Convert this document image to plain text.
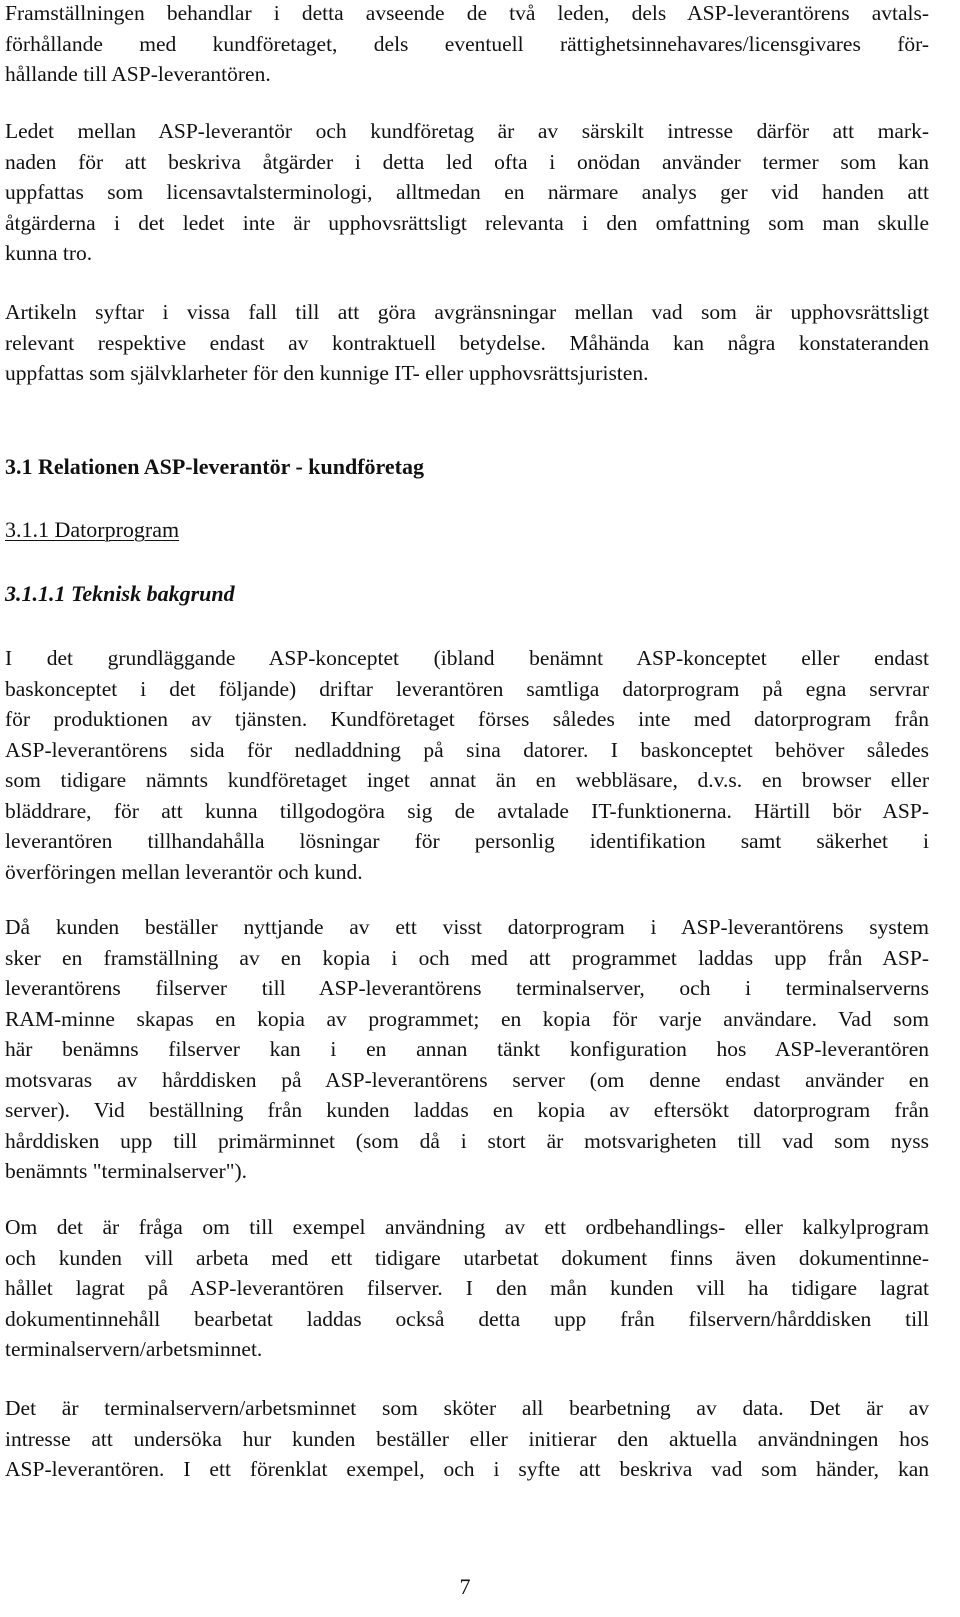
Framställningen behandlar i detta avseende de två leden, dels ASP-leverantörens avtals-
förhållande med kundföretaget, dels eventuell rättighetsinnehavares/licensgivares för-
hållande till ASP-leverantören.

Ledet mellan ASP-leverantör och kundföretag är av särskilt intresse därför att mark-
naden för att beskriva åtgärder i detta led ofta i onödan använder termer som kan
uppfattas som licensavtalsterminologi, alltmedan en närmare analys ger vid handen att
åtgärderna i det ledet inte är upphovsrättsligt relevanta i den omfattning som man skulle
kunna tro.

Artikeln syftar i vissa fall till att göra avgränsningar mellan vad som är upphovsrättsligt
relevant respektive endast av kontraktuell betydelse. Måhända kan några konstateranden
uppfattas som självklarheter för den kunnige IT- eller upphovsrättsjuristen.

3.1 Relationen ASP-leverantör - kundföretag
3.1.1 Datorprogram
3.1.1.1 Teknisk bakgrund

I det grundläggande ASP-konceptet (ibland benämnt ASP-konceptet eller endast
baskonceptet i det följande) driftar leverantören samtliga datorprogram på egna servrar
för produktionen av tjänsten. Kundföretaget förses således inte med datorprogram från
ASP-leverantörens sida för nedladdning på sina datorer. I baskonceptet behöver således
som tidigare nämnts kundföretaget inget annat än en webbläsare, d.v.s. en browser eller
bläddrare, för att kunna tillgodogöra sig de avtalade IT-funktionerna. Härtill bör ASP-
leverantören tillhandahålla lösningar för personlig identifikation samt säkerhet i
överföringen mellan leverantör och kund.

Då kunden beställer nyttjande av ett visst datorprogram i ASP-leverantörens system
sker en framställning av en kopia i och med att programmet laddas upp från ASP-
leverantörens filserver till ASP-leverantörens terminalserver, och i terminalserverns
RAM-minne skapas en kopia av programmet; en kopia för varje användare. Vad som
här benämns filserver kan i en annan tänkt konfiguration hos ASP-leverantören
motsvaras av hårddisken på ASP-leverantörens server (om denne endast använder en
server). Vid beställning från kunden laddas en kopia av eftersökt datorprogram från
hårddisken upp till primärminnet (som då i stort är motsvarigheten till vad som nyss
benämnts "terminalserver").

Om det är fråga om till exempel användning av ett ordbehandlings- eller kalkylprogram
och kunden vill arbeta med ett tidigare utarbetat dokument finns även dokumentinne-
hållet lagrat på ASP-leverantören filserver. I den mån kunden vill ha tidigare lagrat
dokumentinnehåll bearbetat laddas också detta upp från filservern/hårddisken till
terminalservern/arbetsminnet.

Det är terminalservern/arbetsminnet som sköter all bearbetning av data. Det är av
intresse att undersöka hur kunden beställer eller initierar den aktuella användningen hos
ASP-leverantören. I ett förenklat exempel, och i syfte att beskriva vad som händer, kan

7
